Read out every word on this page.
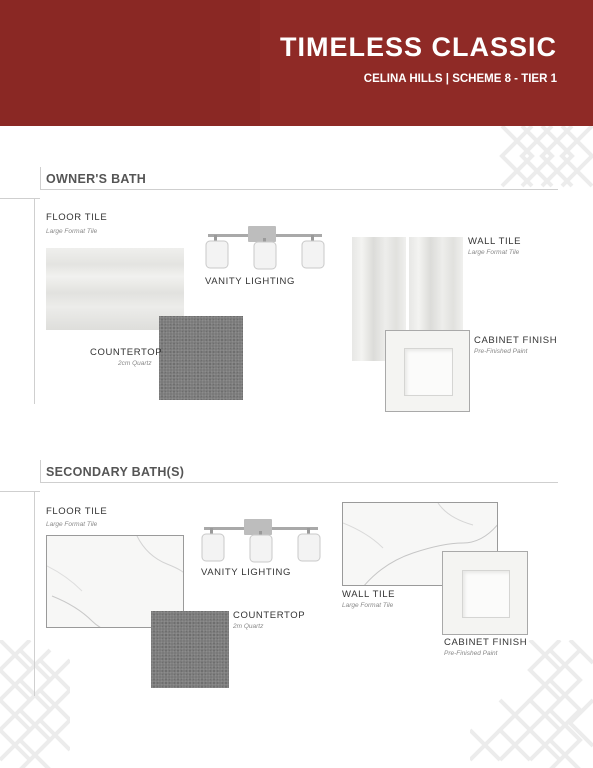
TIMELESS CLASSIC
CELINA HILLS | SCHEME 8 - TIER 1
OWNER'S BATH
FLOOR TILE
Large Format Tile
COUNTERTOP
2cm Quartz
VANITY LIGHTING
WALL TILE
Large Format Tile
CABINET FINISH
Pre-Finished Paint
SECONDARY BATH(S)
FLOOR TILE
Large Format Tile
COUNTERTOP
2m Quartz
VANITY LIGHTING
WALL TILE
Large Format Tile
CABINET FINISH
Pre-Finished Paint
